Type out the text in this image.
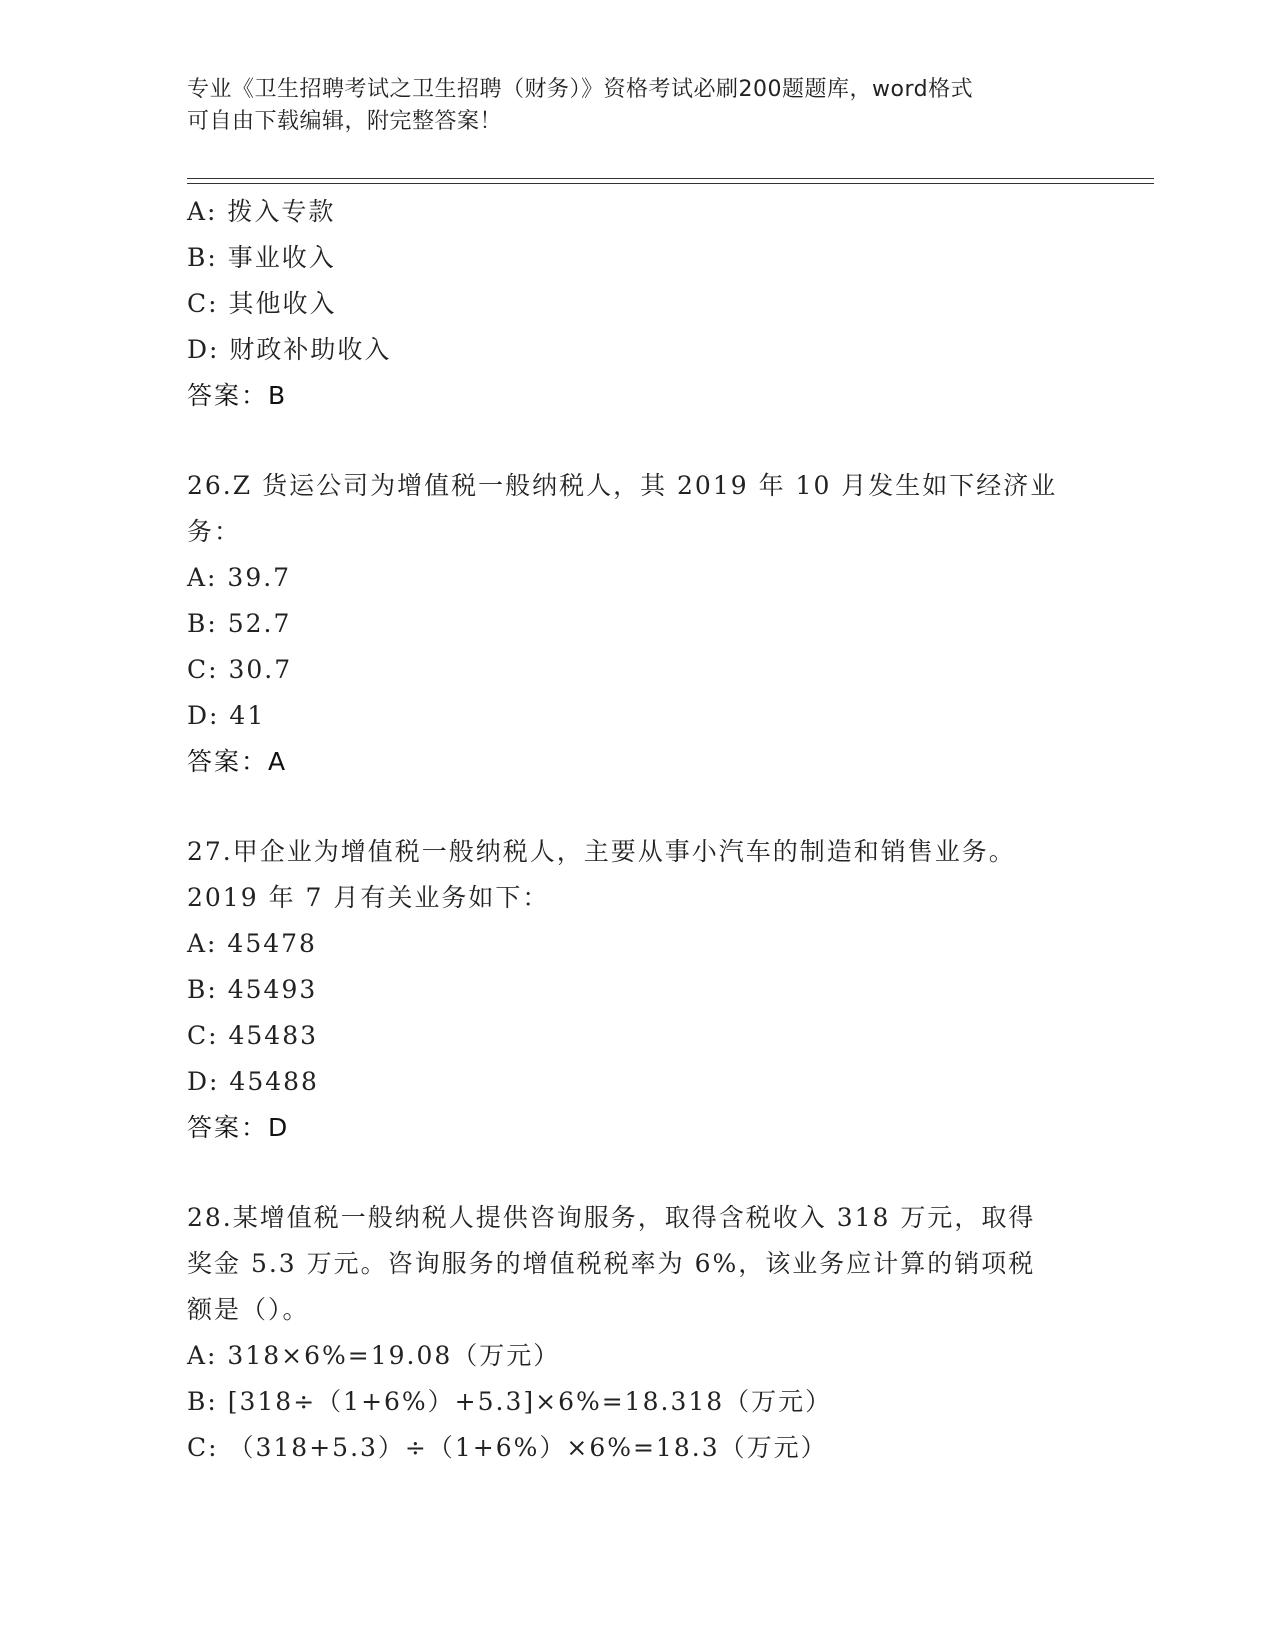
专业《卫生招聘考试之卫生招聘（财务）》资格考试必刷200题题库，word格式
可自由下载编辑，附完整答案！
A: 拨入专款
B: 事业收入
C: 其他收入
D: 财政补助收入
答案：B
26.Z 货运公司为增值税一般纳税人，其 2019 年 10 月发生如下经济业
务：
A: 39.7
B: 52.7
C: 30.7
D: 41
答案：A
27.甲企业为增值税一般纳税人，主要从事小汽车的制造和销售业务。
2019 年 7 月有关业务如下：
A: 45478
B: 45493
C: 45483
D: 45488
答案：D
28.某增值税一般纳税人提供咨询服务，取得含税收入 318 万元，取得
奖金 5.3 万元。咨询服务的增值税税率为 6%，该业务应计算的销项税
额是（）。
A: 318×6%=19.08（万元）
B: [318÷（1+6%）+5.3]×6%=18.318（万元）
C: （318+5.3）÷（1+6%）×6%=18.3（万元）
